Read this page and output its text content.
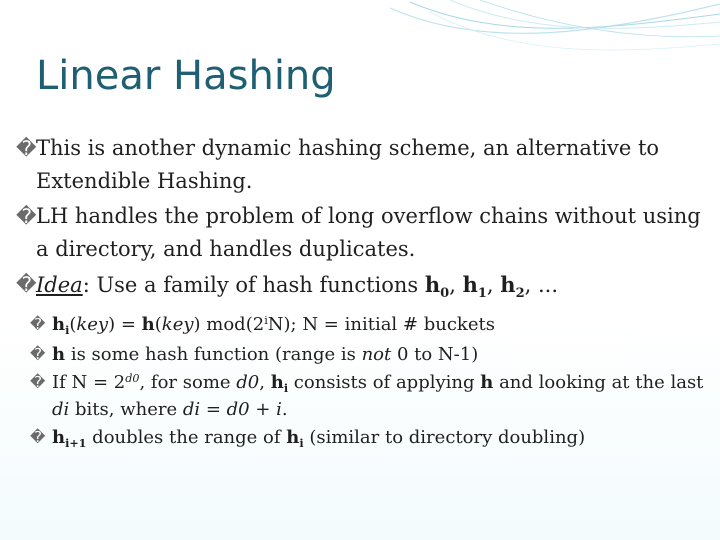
Linear Hashing
� This is another dynamic hashing scheme, an alternative to Extendible Hashing.
� LH handles the problem of long overflow chains without using a directory, and handles duplicates.
� Idea: Use a family of hash functions $h_0$, $h_1$, $h_2$, ...
� $h_i(key) = h(key)$ mod(2$^i$N); N = initial # buckets
� h is some hash function (range is not 0 to N-1)
� If $N = 2^{d0}$, for some d0, $h_i$ consists of applying h and looking at the last di bits, where di = d0 + i.
� $h_{i+1}$ doubles the range of $h_i$ (similar to directory doubling)
